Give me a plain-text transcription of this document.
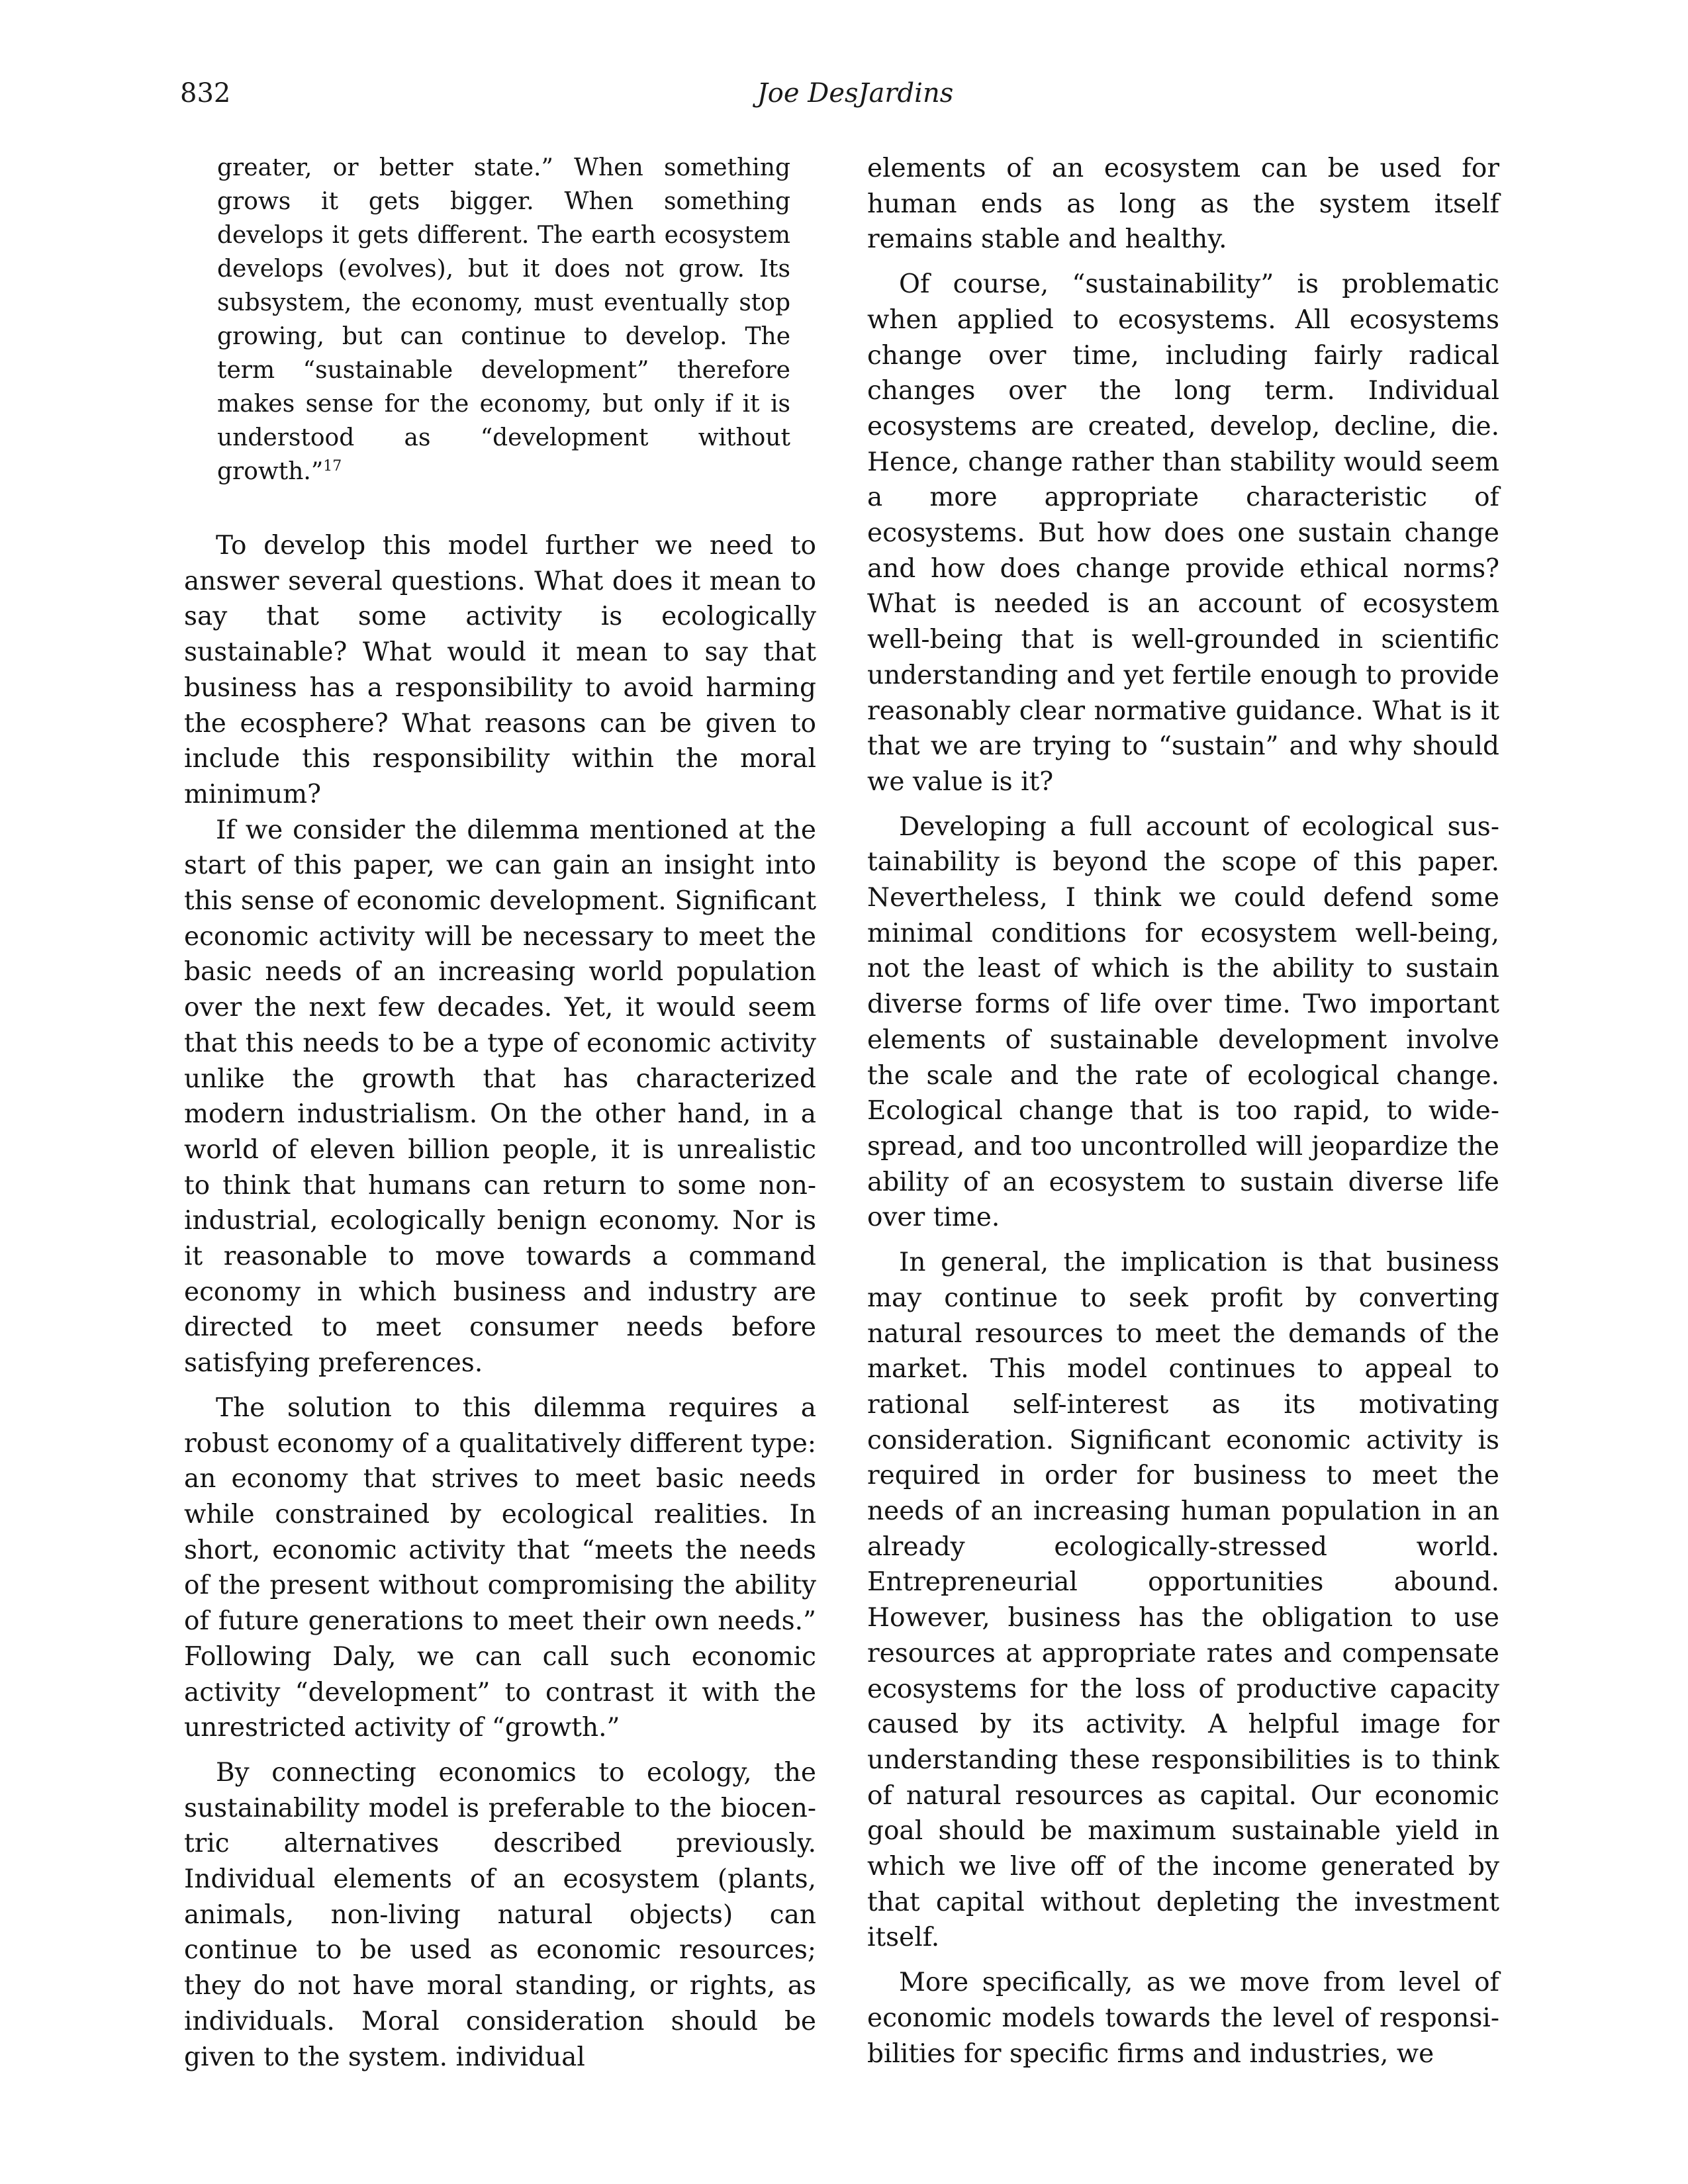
832	Joe DesJardins

greater, or better state.” When something grows it gets bigger. When something develops it gets different. The earth ecosystem develops (evolves), but it does not grow. Its subsystem, the economy, must eventually stop growing, but can continue to develop. The term “sustainable development” therefore makes sense for the economy, but only if it is understood as “development without growth.”$^{17}$

To develop this model further we need to answer several questions. What does it mean to say that some activity is ecologically sustainable? What would it mean to say that business has a responsibility to avoid harming the ecosphere? What reasons can be given to include this responsibility within the moral minimum?

If we consider the dilemma mentioned at the start of this paper, we can gain an insight into this sense of economic development. Significant economic activity will be necessary to meet the basic needs of an increasing world population over the next few decades. Yet, it would seem that this needs to be a type of economic activity unlike the growth that has characterized modern industrialism. On the other hand, in a world of eleven billion people, it is unrealistic to think that humans can return to some non-industrial, ecologically benign economy. Nor is it reasonable to move towards a command economy in which business and industry are directed to meet consumer needs before satisfying preferences.

The solution to this dilemma requires a robust economy of a qualitatively different type: an economy that strives to meet basic needs while constrained by ecological realities. In short, economic activity that “meets the needs of the present without compromising the ability of future generations to meet their own needs.” Following Daly, we can call such economic activity “development” to contrast it with the unrestricted activity of “growth.”

By connecting economics to ecology, the sustainability model is preferable to the biocentric alternatives described previously. Individual elements of an ecosystem (plants, animals, non-living natural objects) can continue to be used as economic resources; they do not have moral standing, or rights, as individuals. Moral consideration should be given to the system. individual

elements of an ecosystem can be used for human ends as long as the system itself remains stable and healthy.

Of course, “sustainability” is problematic when applied to ecosystems. All ecosystems change over time, including fairly radical changes over the long term. Individual ecosystems are created, develop, decline, die. Hence, change rather than stability would seem a more appropriate characteristic of ecosystems. But how does one sustain change and how does change provide ethical norms? What is needed is an account of ecosystem well-being that is well-grounded in scientific understanding and yet fertile enough to provide reasonably clear normative guidance. What is it that we are trying to “sustain” and why should we value is it?

Developing a full account of ecological sustainability is beyond the scope of this paper. Nevertheless, I think we could defend some minimal conditions for ecosystem well-being, not the least of which is the ability to sustain diverse forms of life over time. Two important elements of sustainable development involve the scale and the rate of ecological change. Ecological change that is too rapid, to wide-spread, and too uncontrolled will jeopardize the ability of an ecosystem to sustain diverse life over time.

In general, the implication is that business may continue to seek profit by converting natural resources to meet the demands of the market. This model continues to appeal to rational self-interest as its motivating consideration. Significant economic activity is required in order for business to meet the needs of an increasing human population in an already ecologically-stressed world. Entrepreneurial opportunities abound. However, business has the obligation to use resources at appropriate rates and compensate ecosystems for the loss of productive capacity caused by its activity. A helpful image for understanding these responsibilities is to think of natural resources as capital. Our economic goal should be maximum sustainable yield in which we live off of the income generated by that capital without depleting the investment itself.

More specifically, as we move from level of economic models towards the level of responsibilities for specific firms and industries, we
